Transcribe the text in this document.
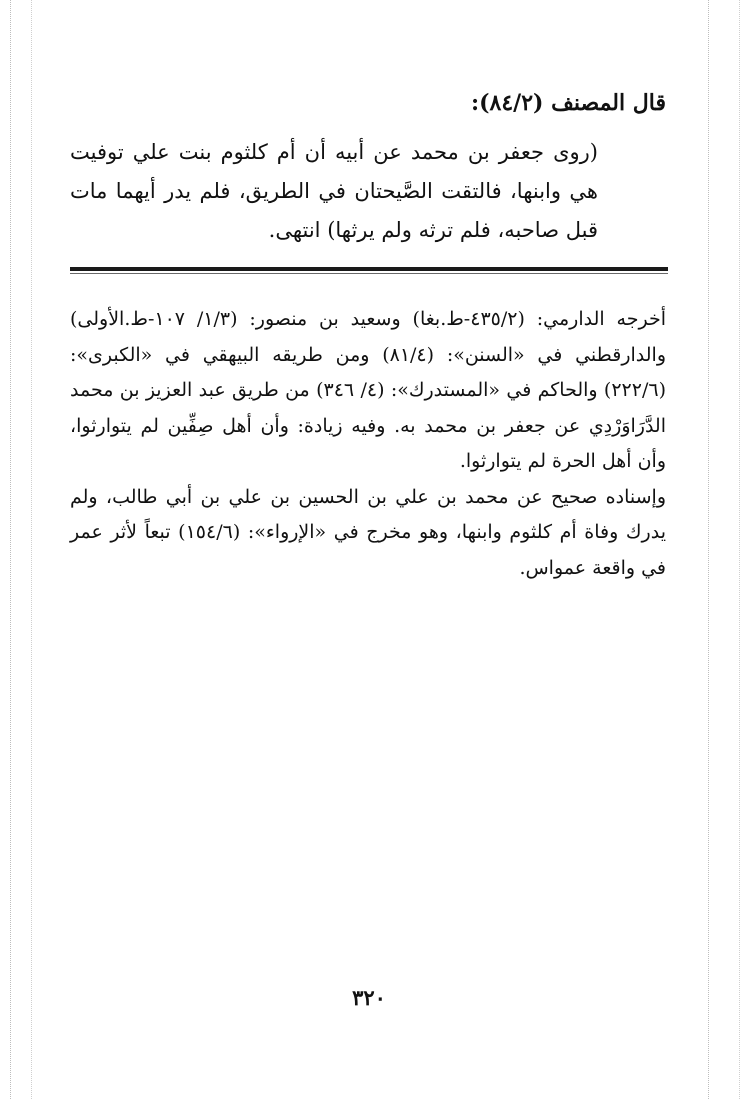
قال المصنف (٨٤/٢):
(روى جعفر بن محمد عن أبيه أن أم كلثوم بنت علي توفيت هي وابنها، فالتقت الصَّيحتان في الطريق، فلم يدر أيهما مات قبل صاحبه، فلم ترثه ولم يرثها) انتهى.

أخرجه الدارمي: (٤٣٥/٢-ط.بغا) وسعيد بن منصور: (١/٣/ ١٠٧-ط.الأولى) والدارقطني في «السنن»: (٨١/٤) ومن طريقه البيهقي في «الكبرى»: (٢٢٢/٦) والحاكم في «المستدرك»: (٤/ ٣٤٦) من طريق عبد العزيز بن محمد الدَّرَاوَرْدِي عن جعفر بن محمد به. وفيه زيادة: وأن أهل صِفِّين لم يتوارثوا، وأن أهل الحرة لم يتوارثوا.

وإسناده صحيح عن محمد بن علي بن الحسين بن علي بن أبي طالب، ولم يدرك وفاة أم كلثوم وابنها، وهو مخرج في «الإرواء»: (١٥٤/٦) تبعاً لأثر عمر في واقعة عمواس.

٣٢٠
